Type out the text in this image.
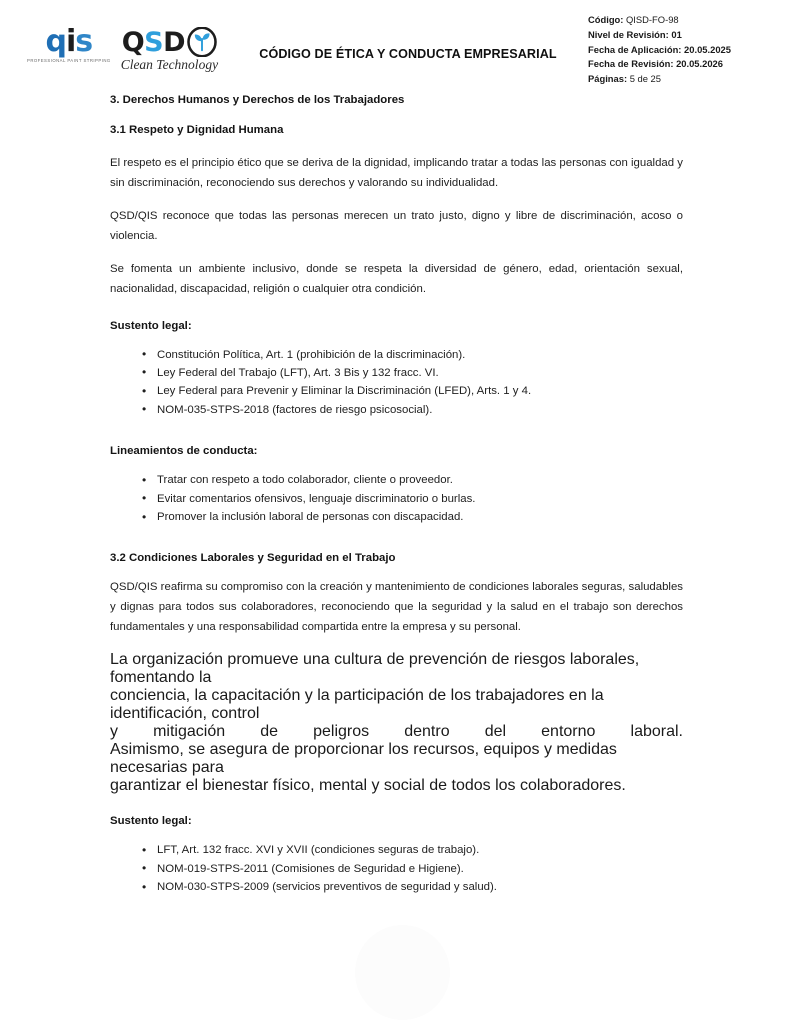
qis
PROFESSIONAL PAINT STRIPPING
QSD
Clean Technology
CÓDIGO DE ÉTICA Y CONDUCTA EMPRESARIAL
Código: QISD-FO-98
Nivel de Revisión: 01
Fecha de Aplicación: 20.05.2025
Fecha de Revisión: 20.05.2026
Páginas: 5 de 25
3. Derechos Humanos y Derechos de los Trabajadores
3.1 Respeto y Dignidad Humana

El respeto es el principio ético que se deriva de la dignidad, implicando tratar a todas las personas con igualdad y sin discriminación, reconociendo sus derechos y valorando su individualidad.

QSD/QIS reconoce que todas las personas merecen un trato justo, digno y libre de discriminación, acoso o violencia.

Se fomenta un ambiente inclusivo, donde se respeta la diversidad de género, edad, orientación sexual, nacionalidad, discapacidad, religión o cualquier otra condición.

Sustento legal:
• Constitución Política, Art. 1 (prohibición de la discriminación).
• Ley Federal del Trabajo (LFT), Art. 3 Bis y 132 fracc. VI.
• Ley Federal para Prevenir y Eliminar la Discriminación (LFED), Arts. 1 y 4.
• NOM-035-STPS-2018 (factores de riesgo psicosocial).
Lineamientos de conducta:
• Tratar con respeto a todo colaborador, cliente o proveedor.
• Evitar comentarios ofensivos, lenguaje discriminatorio o burlas.
• Promover la inclusión laboral de personas con discapacidad.
3.2 Condiciones Laborales y Seguridad en el Trabajo

QSD/QIS reafirma su compromiso con la creación y mantenimiento de condiciones laborales seguras, saludables y dignas para todos sus colaboradores, reconociendo que la seguridad y la salud en el trabajo son derechos fundamentales y una responsabilidad compartida entre la empresa y su personal.

La organización promueve una cultura de prevención de riesgos laborales, fomentando la
conciencia, la capacitación y la participación de los trabajadores en la identificación, control
y mitigación de peligros dentro del entorno laboral.
Asimismo, se asegura de proporcionar los recursos, equipos y medidas necesarias para
garantizar el bienestar físico, mental y social de todos los colaboradores.
Sustento legal:
• LFT, Art. 132 fracc. XVI y XVII (condiciones seguras de trabajo).
• NOM-019-STPS-2011 (Comisiones de Seguridad e Higiene).
• NOM-030-STPS-2009 (servicios preventivos de seguridad y salud).
